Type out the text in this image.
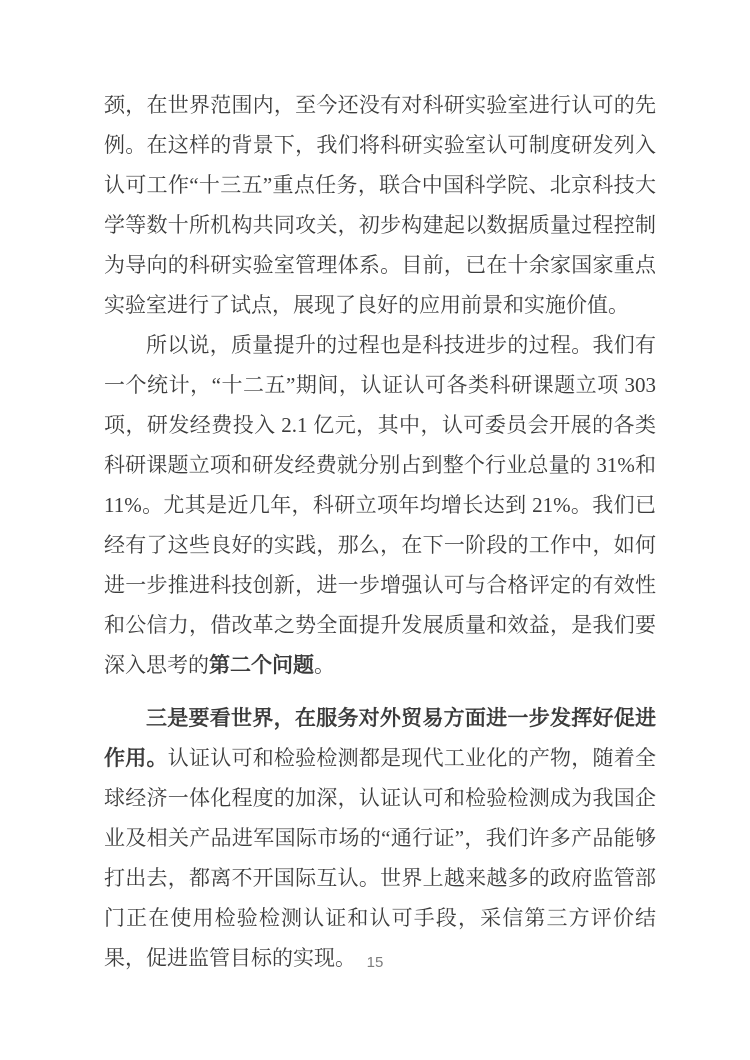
颈，在世界范围内，至今还没有对科研实验室进行认可的先例。在这样的背景下，我们将科研实验室认可制度研发列入认可工作“十三五”重点任务，联合中国科学院、北京科技大学等数十所机构共同攻关，初步构建起以数据质量过程控制为导向的科研实验室管理体系。目前，已在十余家国家重点实验室进行了试点，展现了良好的应用前景和实施价值。

所以说，质量提升的过程也是科技进步的过程。我们有一个统计，“十二五”期间，认证认可各类科研课题立项 303 项，研发经费投入 2.1 亿元，其中，认可委员会开展的各类科研课题立项和研发经费就分别占到整个行业总量的 31%和 11%。尤其是近几年，科研立项年均增长达到 21%。我们已经有了这些良好的实践，那么，在下一阶段的工作中，如何进一步推进科技创新，进一步增强认可与合格评定的有效性和公信力，借改革之势全面提升发展质量和效益，是我们要深入思考的第二个问题。

三是要看世界，在服务对外贸易方面进一步发挥好促进作用。认证认可和检验检测都是现代工业化的产物，随着全球经济一体化程度的加深，认证认可和检验检测成为我国企业及相关产品进军国际市场的“通行证”，我们许多产品能够打出去，都离不开国际互认。世界上越来越多的政府监管部门正在使用检验检测认证和认可手段，采信第三方评价结果，促进监管目标的实现。 15
